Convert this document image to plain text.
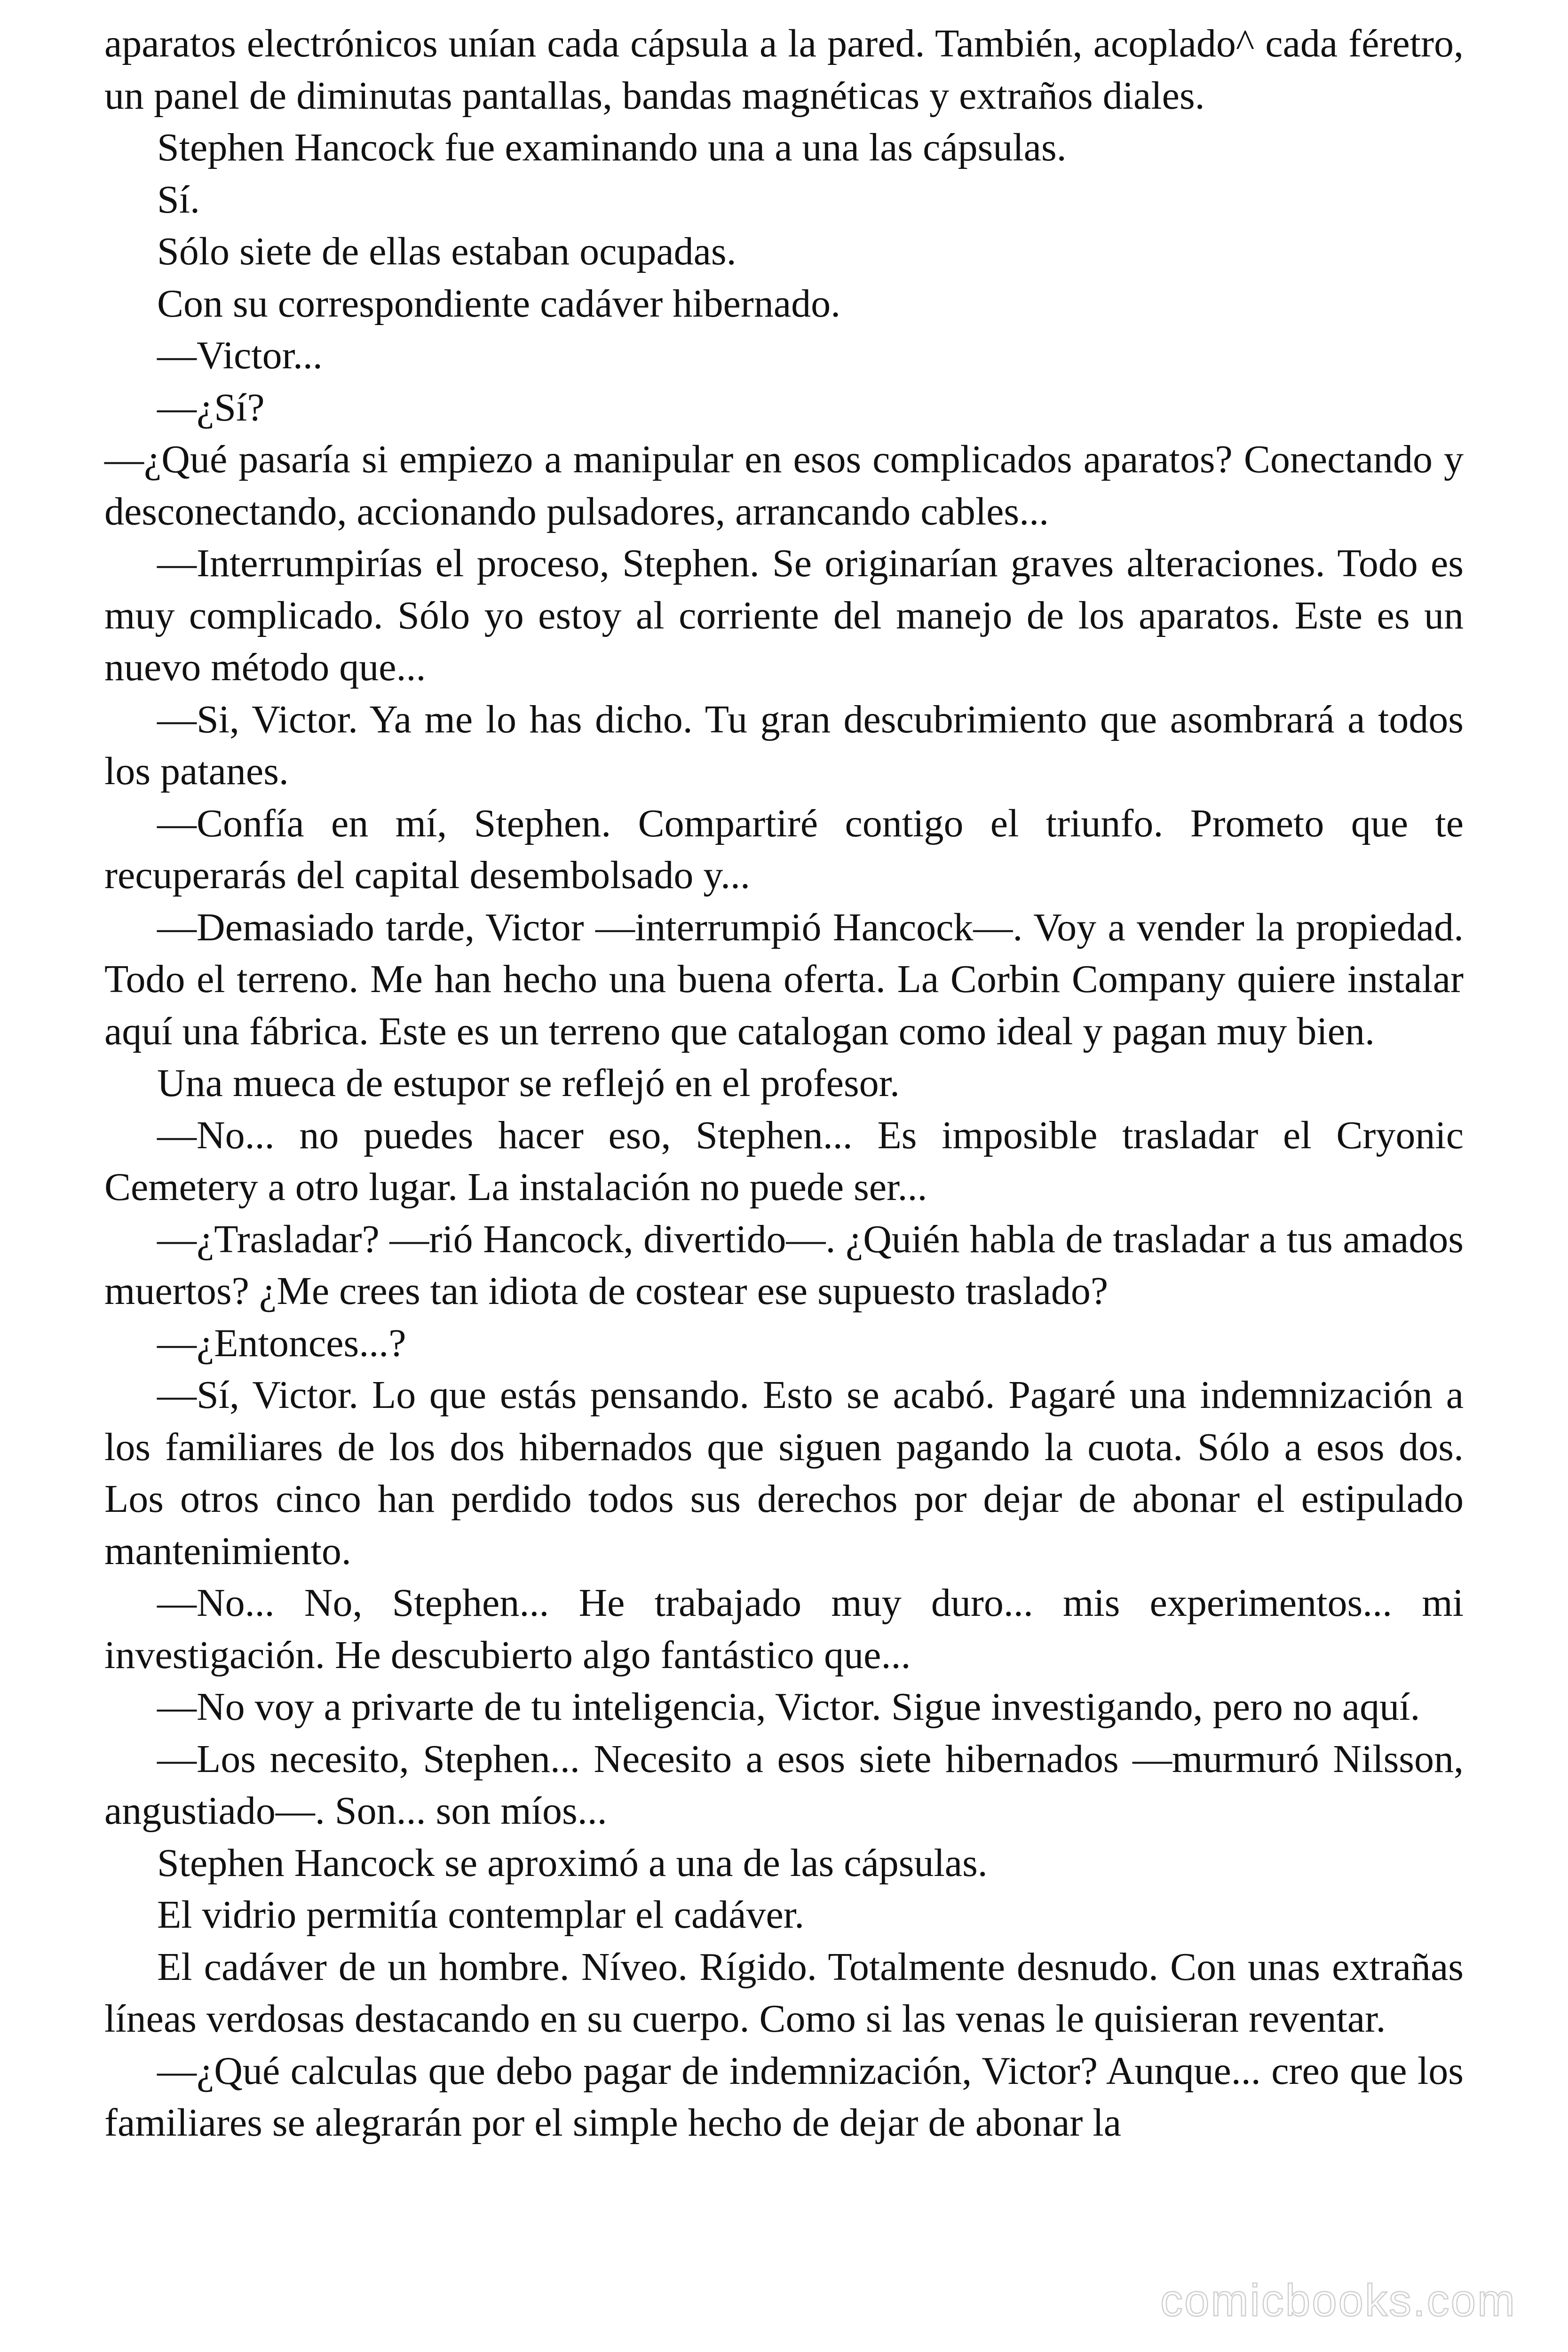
aparatos electrónicos unían cada cápsula a la pared. También, acoplado^ cada féretro, un panel de diminutas pantallas, bandas magnéticas y extraños diales.

Stephen Hancock fue examinando una a una las cápsulas.

Sí.

Sólo siete de ellas estaban ocupadas.

Con su correspondiente cadáver hibernado.

—Victor...

—¿Sí?

—¿Qué pasaría si empiezo a manipular en esos complicados aparatos? Conectando y desconectando, accionando pulsadores, arrancando cables...

—Interrumpirías el proceso, Stephen. Se originarían graves alteraciones. Todo es muy complicado. Sólo yo estoy al corriente del manejo de los aparatos. Este es un nuevo método que...

—Si, Victor. Ya me lo has dicho. Tu gran descubrimiento que asombrará a todos los patanes.

—Confía en mí, Stephen. Compartiré contigo el triunfo. Prometo que te recuperarás del capital desembolsado y...

—Demasiado tarde, Victor —interrumpió Hancock—. Voy a vender la propiedad. Todo el terreno. Me han hecho una buena oferta. La Corbin Company quiere instalar aquí una fábrica. Este es un terreno que catalogan como ideal y pagan muy bien.

Una mueca de estupor se reflejó en el profesor.

—No... no puedes hacer eso, Stephen... Es imposible trasladar el Cryonic Cemetery a otro lugar. La instalación no puede ser...

—¿Trasladar? —rió Hancock, divertido—. ¿Quién habla de trasladar a tus amados muertos? ¿Me crees tan idiota de costear ese supuesto traslado?

—¿Entonces...?

—Sí, Victor. Lo que estás pensando. Esto se acabó. Pagaré una indemnización a los familiares de los dos hibernados que siguen pagando la cuota. Sólo a esos dos. Los otros cinco han perdido todos sus derechos por dejar de abonar el estipulado mantenimiento.

—No... No, Stephen... He trabajado muy duro... mis experimentos... mi investigación. He descubierto algo fantástico que...

—No voy a privarte de tu inteligencia, Victor. Sigue investigando, pero no aquí.

—Los necesito, Stephen... Necesito a esos siete hibernados —murmuró Nilsson, angustiado—. Son... son míos...

Stephen Hancock se aproximó a una de las cápsulas.

El vidrio permitía contemplar el cadáver.

El cadáver de un hombre. Níveo. Rígido. Totalmente desnudo. Con unas extrañas líneas verdosas destacando en su cuerpo. Como si las venas le quisieran reventar.

—¿Qué calculas que debo pagar de indemnización, Victor? Aunque... creo que los familiares se alegrarán por el simple hecho de dejar de abonar la

comicbooks.com
